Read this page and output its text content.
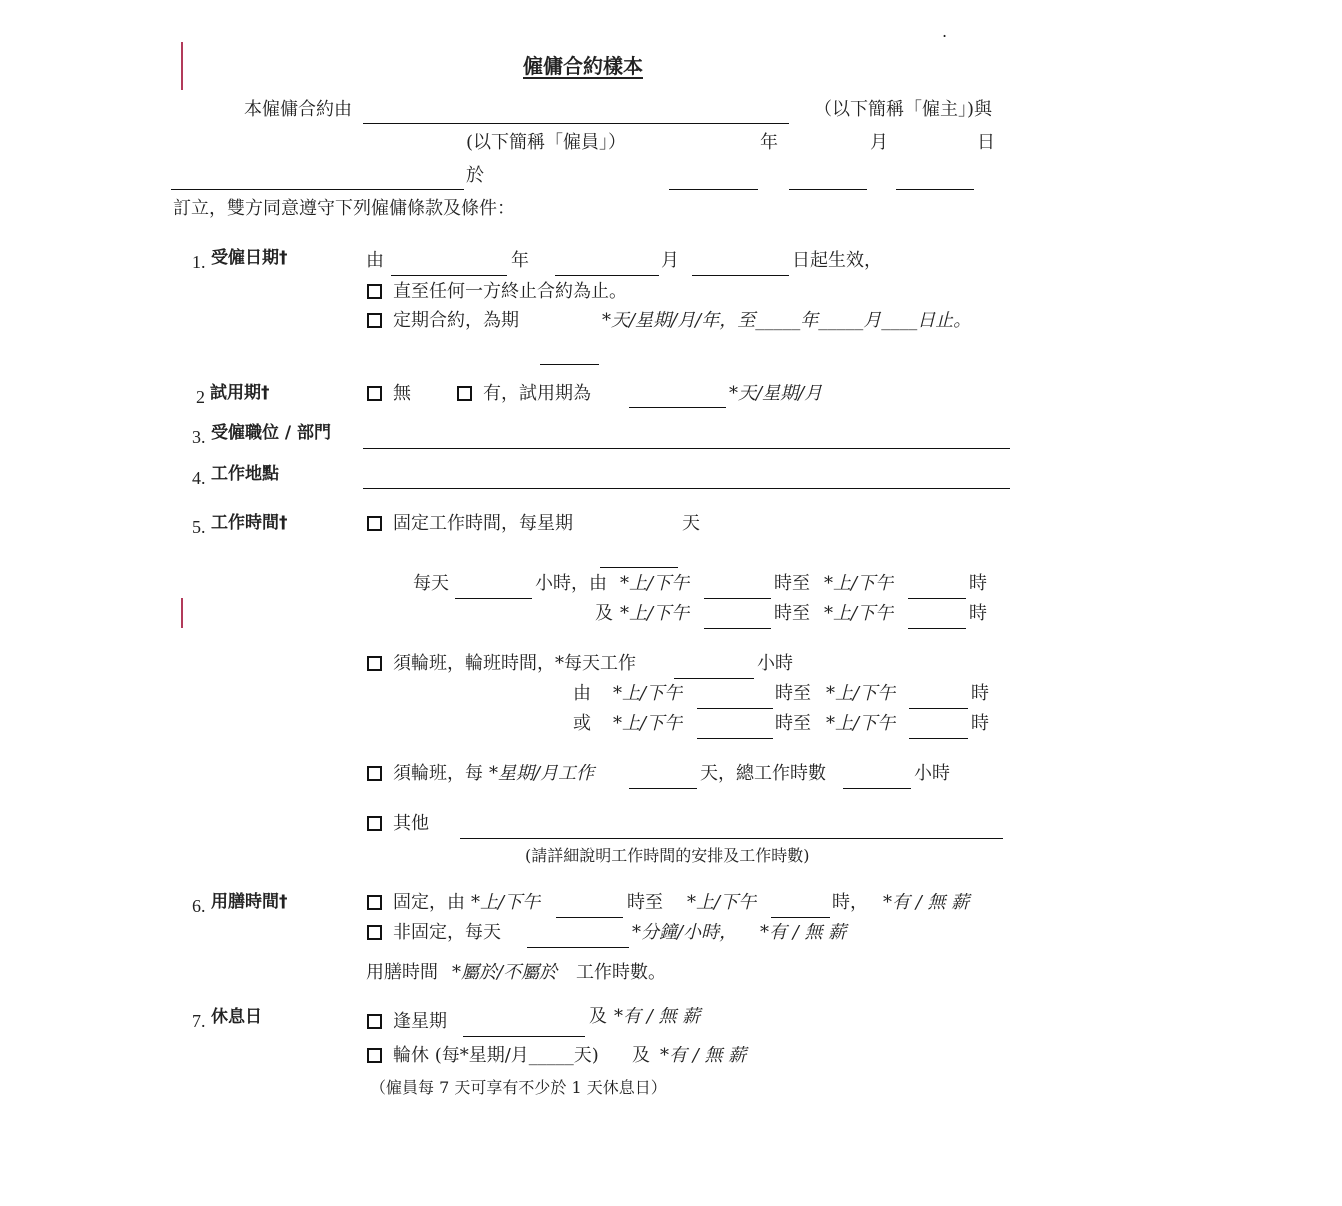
.
僱傭合約樣本
本僱傭合約由	（以下簡稱「僱主」)與
(以下簡稱「僱員」）	年	月	日
於
訂立，雙方同意遵守下列僱傭條款及條件：
1. 受僱日期†	由	年	月	日起生效，
直至任何一方終止合約為止。
定期合約，為期	*天/星期/月/年，至_____年_____月____日止。
2 試用期†	無	有，試用期為	*天/星期/月
3. 受僱職位 / 部門
4. 工作地點
5. 工作時間†	固定工作時間，每星期	天
每天	小時，由 *上/下午	時至 *上/下午	時
及 *上/下午	時至 *上/下午	時
須輪班，輪班時間，*每天工作	小時
由 *上/下午	時至 *上/下午	時
或 *上/下午	時至 *上/下午	時
須輪班，每 *星期/月工作	天，總工作時數	小時
其他
(請詳細說明工作時間的安排及工作時數)
6. 用膳時間†	固定，由 *上/下午	時至 *上/下午	時， *有 / 無 薪
非固定，每天	*分鐘/小時， *有 / 無 薪
用膳時間 *屬於/不屬於 工作時數。
7. 休息日	逢星期	及 *有 / 無 薪
輪休 (每*星期/月_____天) 及 *有 / 無 薪
（僱員每 7 天可享有不少於 1 天休息日）
